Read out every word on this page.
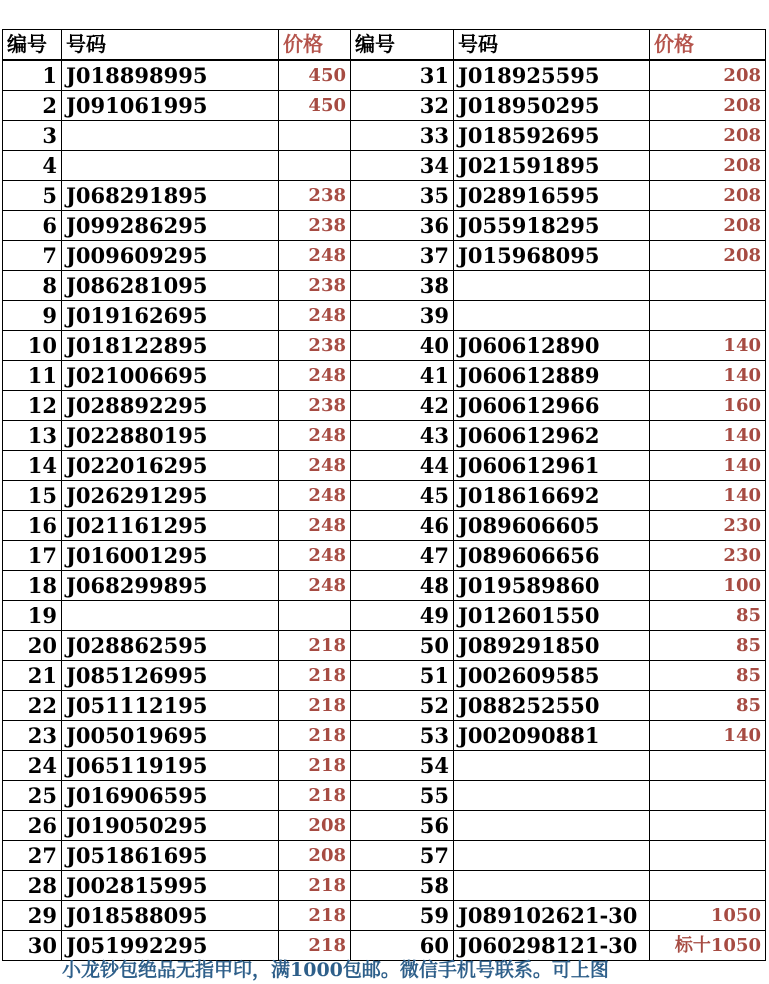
编号	号码	价格	编号	号码	价格
1	J018898995	450	31	J018925595	208
2	J091061995	450	32	J018950295	208
3			33	J018592695	208
4			34	J021591895	208
5	J068291895	238	35	J028916595	208
6	J099286295	238	36	J055918295	208
7	J009609295	248	37	J015968095	208
8	J086281095	238	38		
9	J019162695	248	39		
10	J018122895	238	40	J060612890	140
11	J021006695	248	41	J060612889	140
12	J028892295	238	42	J060612966	160
13	J022880195	248	43	J060612962	140
14	J022016295	248	44	J060612961	140
15	J026291295	248	45	J018616692	140
16	J021161295	248	46	J089606605	230
17	J016001295	248	47	J089606656	230
18	J068299895	248	48	J019589860	100
19			49	J012601550	85
20	J028862595	218	50	J089291850	85
21	J085126995	218	51	J002609585	85
22	J051112195	218	52	J088252550	85
23	J005019695	218	53	J002090881	140
24	J065119195	218	54		
25	J016906595	218	55		
26	J019050295	208	56		
27	J051861695	208	57		
28	J002815995	218	58		
29	J018588095	218	59	J089102621-30	1050
30	J051992295	218	60	J060298121-30	标十1050
小龙钞包绝品无指甲印，满1000包邮。微信手机号联系。可上图
